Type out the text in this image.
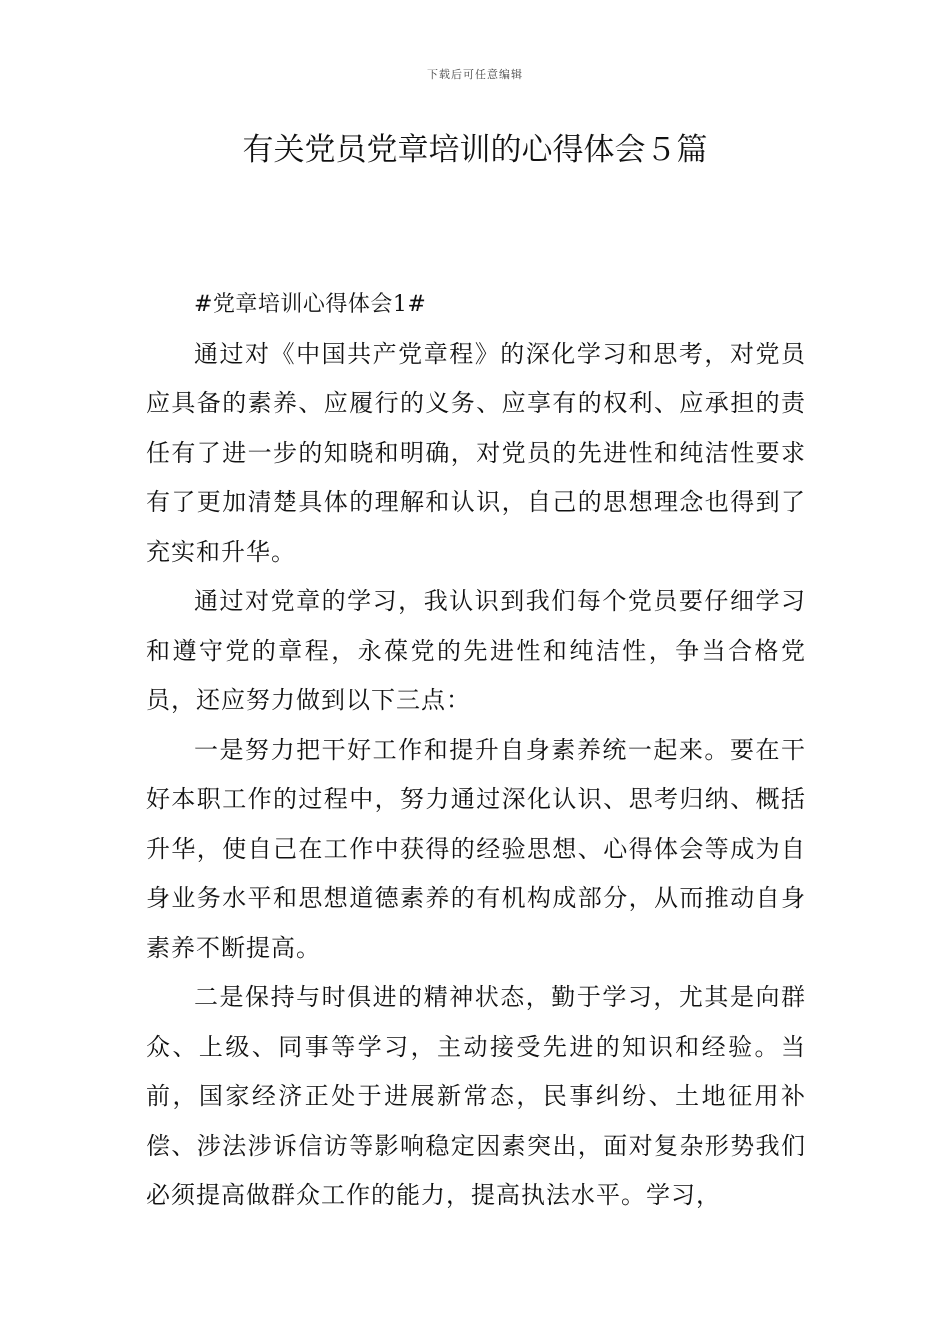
下载后可任意编辑
有关党员党章培训的心得体会５篇

#党章培训心得体会1#

通过对《中国共产党章程》的深化学习和思考，对党员应具备的素养、应履行的义务、应享有的权利、应承担的责任有了进一步的知晓和明确，对党员的先进性和纯洁性要求有了更加清楚具体的理解和认识，自己的思想理念也得到了充实和升华。

通过对党章的学习，我认识到我们每个党员要仔细学习和遵守党的章程，永葆党的先进性和纯洁性，争当合格党员，还应努力做到以下三点：

一是努力把干好工作和提升自身素养统一起来。要在干好本职工作的过程中，努力通过深化认识、思考归纳、概括升华，使自己在工作中获得的经验思想、心得体会等成为自身业务水平和思想道德素养的有机构成部分，从而推动自身素养不断提高。

二是保持与时俱进的精神状态，勤于学习，尤其是向群众、上级、同事等学习，主动接受先进的知识和经验。当前，国家经济正处于进展新常态，民事纠纷、土地征用补偿、涉法涉诉信访等影响稳定因素突出，面对复杂形势我们必须提高做群众工作的能力，提高执法水平。学习，
